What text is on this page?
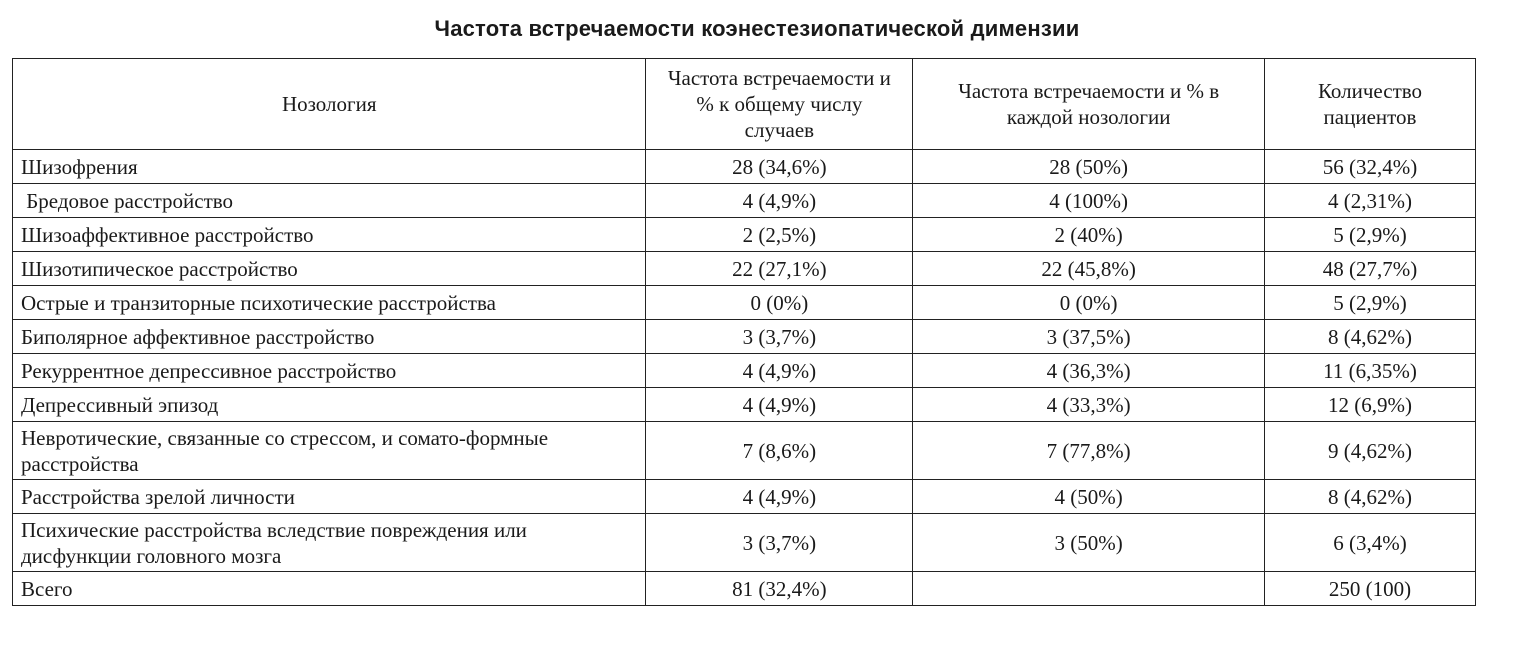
Частота встречаемости коэнестезиопатической димензии
Нозология	Частота встречаемости и % к общему числу случаев	Частота встречаемости и % в каждой нозологии	Количество пациентов
Шизофрения	28 (34,6%)	28 (50%)	56 (32,4%)
Бредовое расстройство	4 (4,9%)	4 (100%)	4 (2,31%)
Шизоаффективное расстройство	2 (2,5%)	2 (40%)	5 (2,9%)
Шизотипическое расстройство	22 (27,1%)	22 (45,8%)	48 (27,7%)
Острые и транзиторные психотические расстройства	0 (0%)	0 (0%)	5 (2,9%)
Биполярное аффективное расстройство	3 (3,7%)	3 (37,5%)	8 (4,62%)
Рекуррентное депрессивное расстройство	4 (4,9%)	4 (36,3%)	11 (6,35%)
Депрессивный эпизод	4 (4,9%)	4 (33,3%)	12 (6,9%)
Невротические, связанные со стрессом, и сомато-формные расстройства	7 (8,6%)	7 (77,8%)	9 (4,62%)
Расстройства зрелой личности	4 (4,9%)	4 (50%)	8 (4,62%)
Психические расстройства вследствие повреждения или дисфункции головного мозга	3 (3,7%)	3 (50%)	6 (3,4%)
Всего	81 (32,4%)		250 (100)
